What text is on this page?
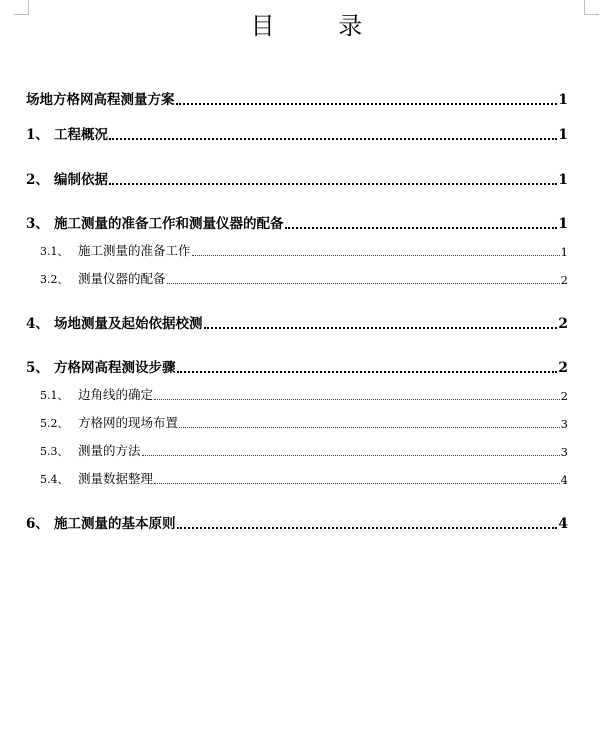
目 录
场地方格网高程测量方案	1
1、 工程概况	1
2、 编制依据	1
3、 施工测量的准备工作和测量仪器的配备	1
3.1、 施工测量的准备工作	1
3.2、 测量仪器的配备	2
4、 场地测量及起始依据校测	2
5、 方格网高程测设步骤	2
5.1、 边角线的确定	2
5.2、 方格网的现场布置	3
5.3、 测量的方法	3
5.4、 测量数据整理	4
6、 施工测量的基本原则	4
